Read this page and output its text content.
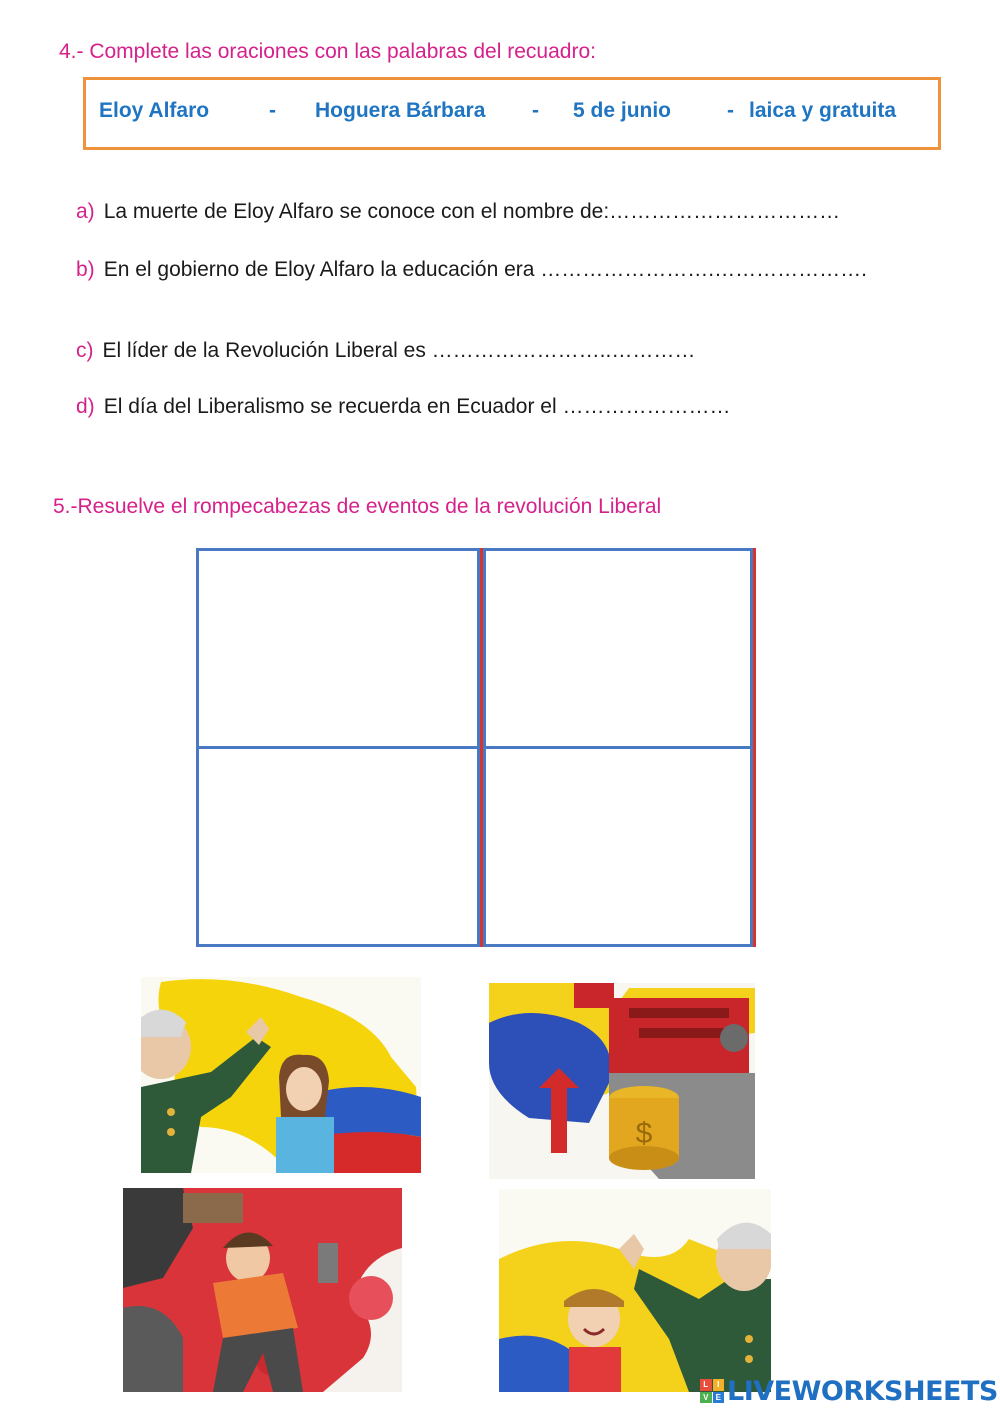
4.- Complete las oraciones con las palabras del recuadro:
Eloy Alfaro	- Hoguera Bárbara - 5 de junio	- laica y gratuita
a) La muerte de Eloy Alfaro se conoce con el nombre de:……………………………
b) En el gobierno de Eloy Alfaro la educación era …………………….………………….
c) El líder de la Revolución Liberal es ……………………..…………
d) El día del Liberalismo se recuerda en Ecuador el ……………………
5.-Resuelve el rompecabezas de eventos de la revolución Liberal
$
L	I
V E LIVEWORKSHEETS
